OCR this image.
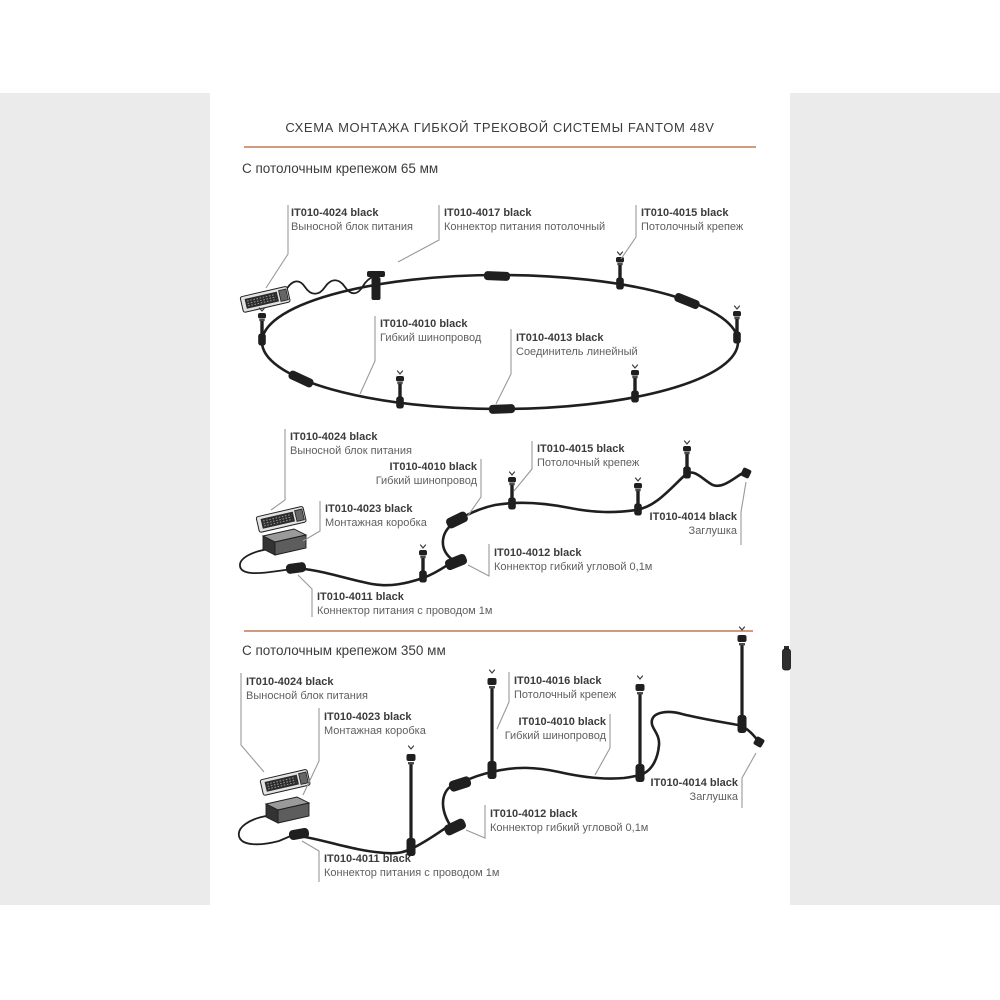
СХЕМА МОНТАЖА ГИБКОЙ ТРЕКОВОЙ СИСТЕМЫ FANTOM 48V
С потолочным крепежом 65 мм
С потолочным крепежом 350 мм
IT010-4024 black
Выносной блок питания
IT010-4017 black
Коннектор питания потолочный
IT010-4015 black
Потолочный крепеж
IT010-4010 black
Гибкий шинопровод	IT010-4013 black
Соединитель линейный
IT010-4024 black
Выносной блок питания
IT010-4010 black
Гибкий шинопровод
IT010-4015 black
Потолочный крепеж
IT010-4023 black
Монтажная коробка	IT010-4014 black
Заглушка
IT010-4012 black
Коннектор гибкий угловой 0,1м
IT010-4011 black
Коннектор питания с проводом 1м
IT010-4024 black
Выносной блок питания
IT010-4023 black
Монтажная коробка
IT010-4016 black
Потолочный крепеж
IT010-4010 black
Гибкий шинопровод
IT010-4014 black
Заглушка
IT010-4012 black
Коннектор гибкий угловой 0,1м
IT010-4011 black
Коннектор питания с проводом 1м
